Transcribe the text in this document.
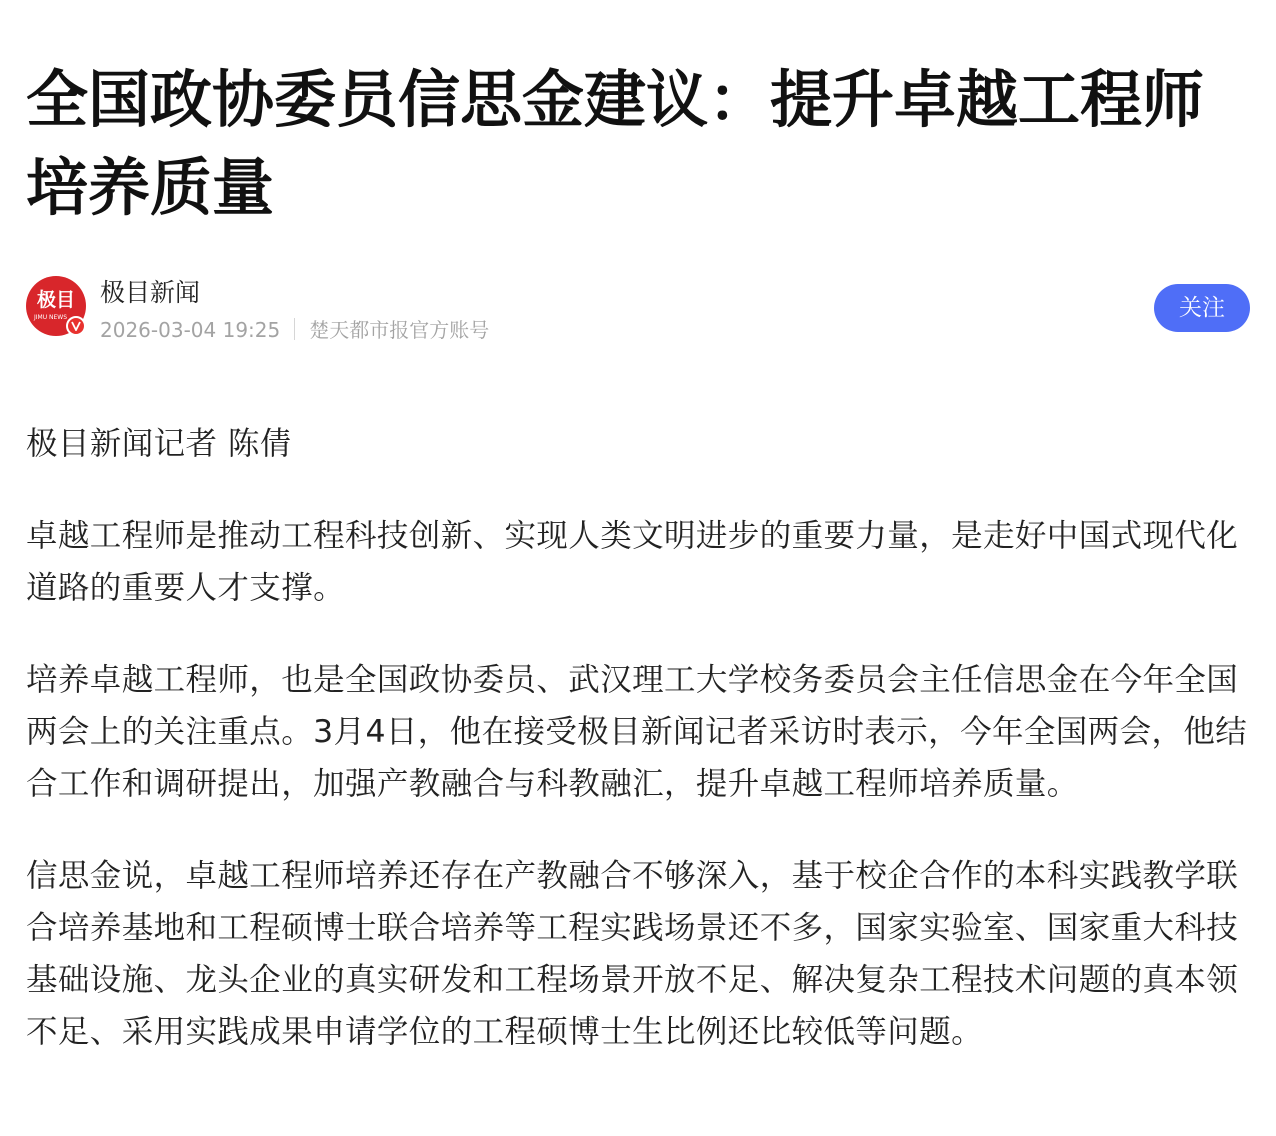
全国政协委员信思金建议：提升卓越工程师培养质量
极目
JIMU NEWS
极目新闻
2026-03-04 19:25 楚天都市报官方账号
关注

极目新闻记者 陈倩

卓越工程师是推动工程科技创新、实现人类文明进步的重要力量，是走好中国式现代化道路的重要人才支撑。

培养卓越工程师，也是全国政协委员、武汉理工大学校务委员会主任信思金在今年全国两会上的关注重点。3月4日，他在接受极目新闻记者采访时表示，今年全国两会，他结合工作和调研提出，加强产教融合与科教融汇，提升卓越工程师培养质量。

信思金说，卓越工程师培养还存在产教融合不够深入，基于校企合作的本科实践教学联合培养基地和工程硕博士联合培养等工程实践场景还不多，国家实验室、国家重大科技基础设施、龙头企业的真实研发和工程场景开放不足、解决复杂工程技术问题的真本领不足、采用实践成果申请学位的工程硕博士生比例还比较低等问题。
